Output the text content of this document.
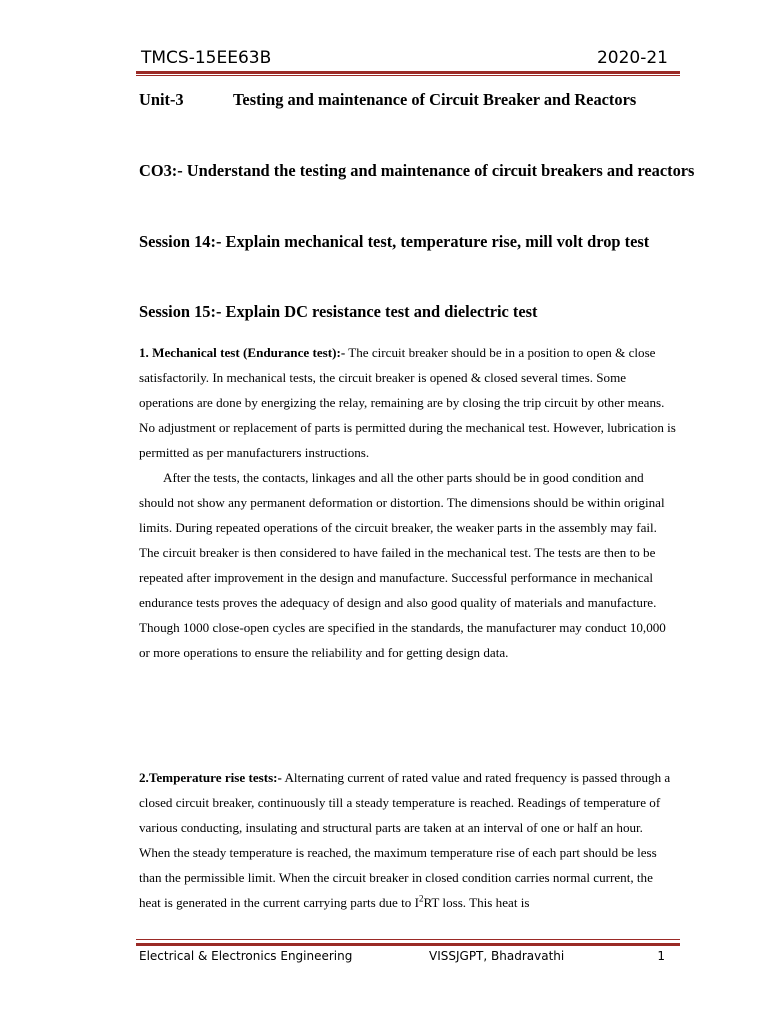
TMCS-15EE63B	2020-21
Unit-3	Testing and maintenance of Circuit Breaker and Reactors
CO3:- Understand the testing and maintenance of circuit breakers and reactors
Session 14:- Explain mechanical test, temperature rise, mill volt drop test
Session 15:- Explain DC resistance test and dielectric test
1. Mechanical test (Endurance test):- The circuit breaker should be in a position to open & close satisfactorily. In mechanical tests, the circuit breaker is opened & closed several times. Some operations are done by energizing the relay, remaining are by closing the trip circuit by other means. No adjustment or replacement of parts is permitted during the mechanical test. However, lubrication is permitted as per manufacturers instructions.
After the tests, the contacts, linkages and all the other parts should be in good condition and should not show any permanent deformation or distortion. The dimensions should be within original limits. During repeated operations of the circuit breaker, the weaker parts in the assembly may fail. The circuit breaker is then considered to have failed in the mechanical test. The tests are then to be repeated after improvement in the design and manufacture. Successful performance in mechanical endurance tests proves the adequacy of design and also good quality of materials and manufacture. Though 1000 close-open cycles are specified in the standards, the manufacturer may conduct 10,000 or more operations to ensure the reliability and for getting design data.
2.Temperature rise tests:- Alternating current of rated value and rated frequency is passed through a closed circuit breaker, continuously till a steady temperature is reached. Readings of temperature of various conducting, insulating and structural parts are taken at an interval of one or half an hour. When the steady temperature is reached, the maximum temperature rise of each part should be less than the permissible limit. When the circuit breaker in closed condition carries normal current, the heat is generated in the current carrying parts due to $I^2RT$ loss. This heat is
Electrical & Electronics Engineering	VISSJGPT, Bhadravathi	1
